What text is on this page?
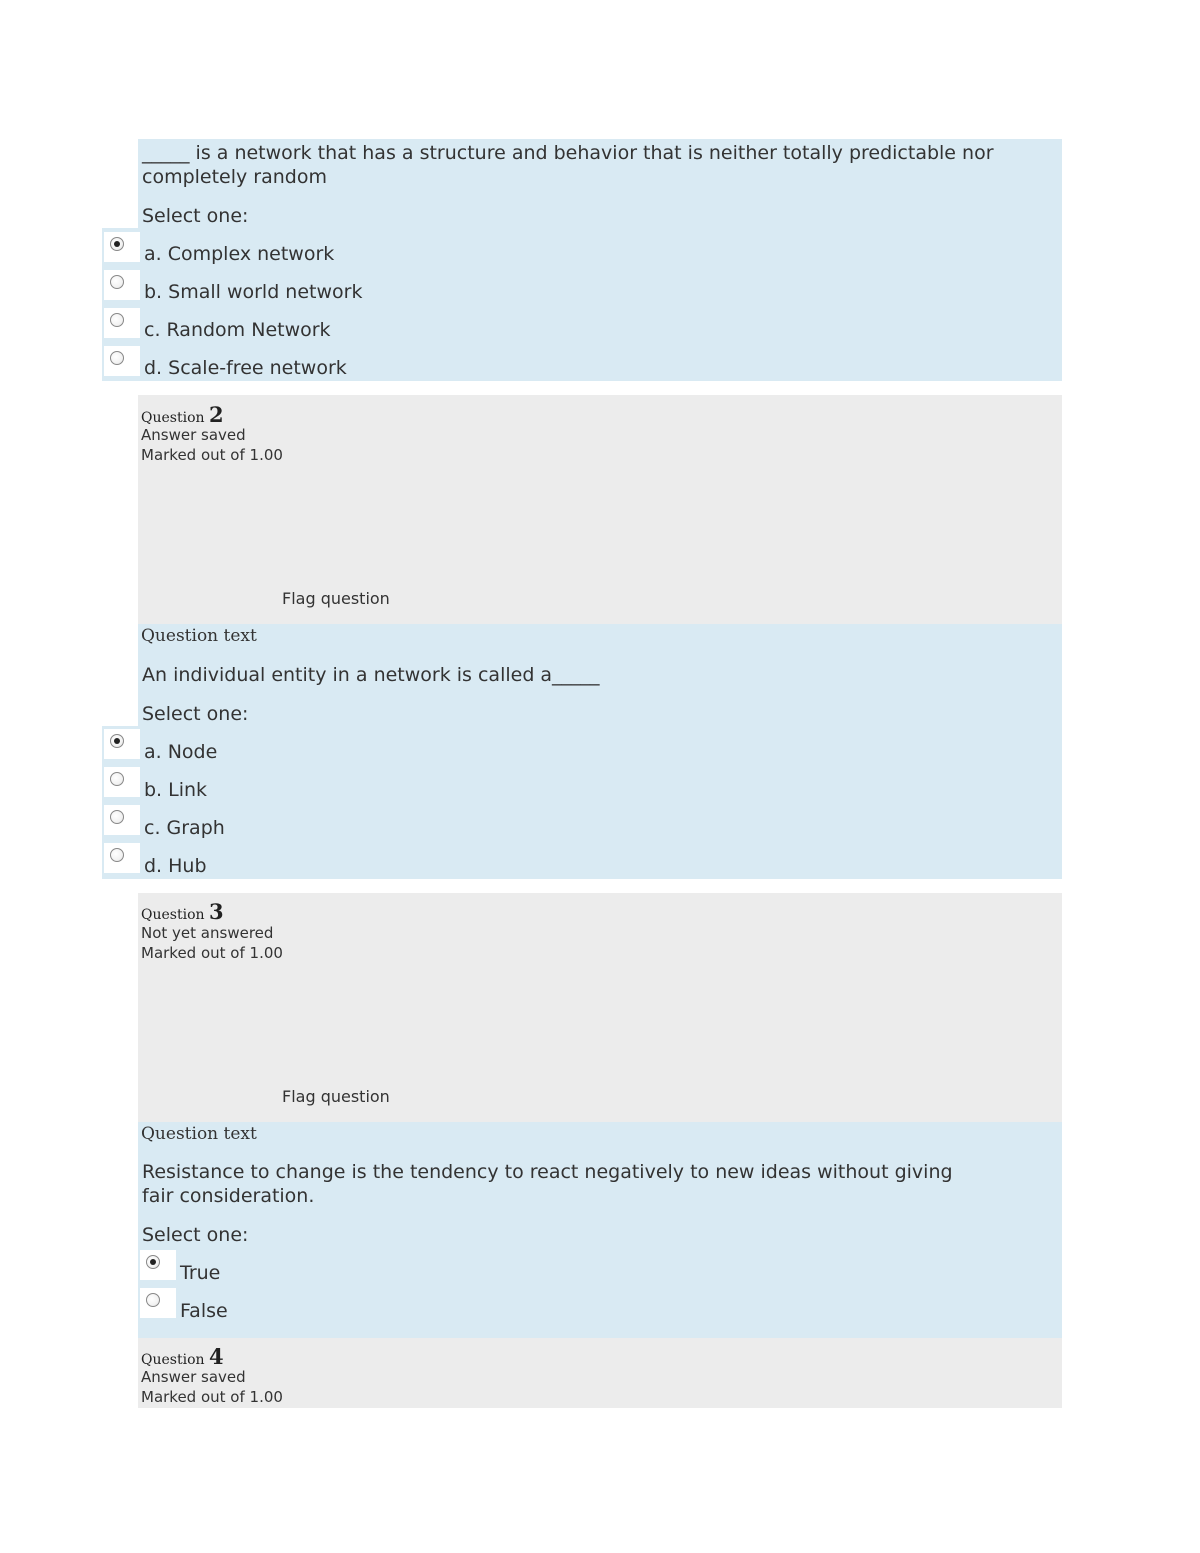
_____ is a network that has a structure and behavior that is neither totally predictable nor completely random
Select one:
a. Complex network
b. Small world network
c. Random Network
d. Scale-free network
Question 2
Answer saved
Marked out of 1.00
Flag question
Question text
An individual entity in a network is called a_____
Select one:
a. Node
b. Link
c. Graph
d. Hub
Question 3
Not yet answered
Marked out of 1.00
Flag question
Question text
Resistance to change is the tendency to react negatively to new ideas without giving fair consideration.
Select one:
True
False
Question 4
Answer saved
Marked out of 1.00
